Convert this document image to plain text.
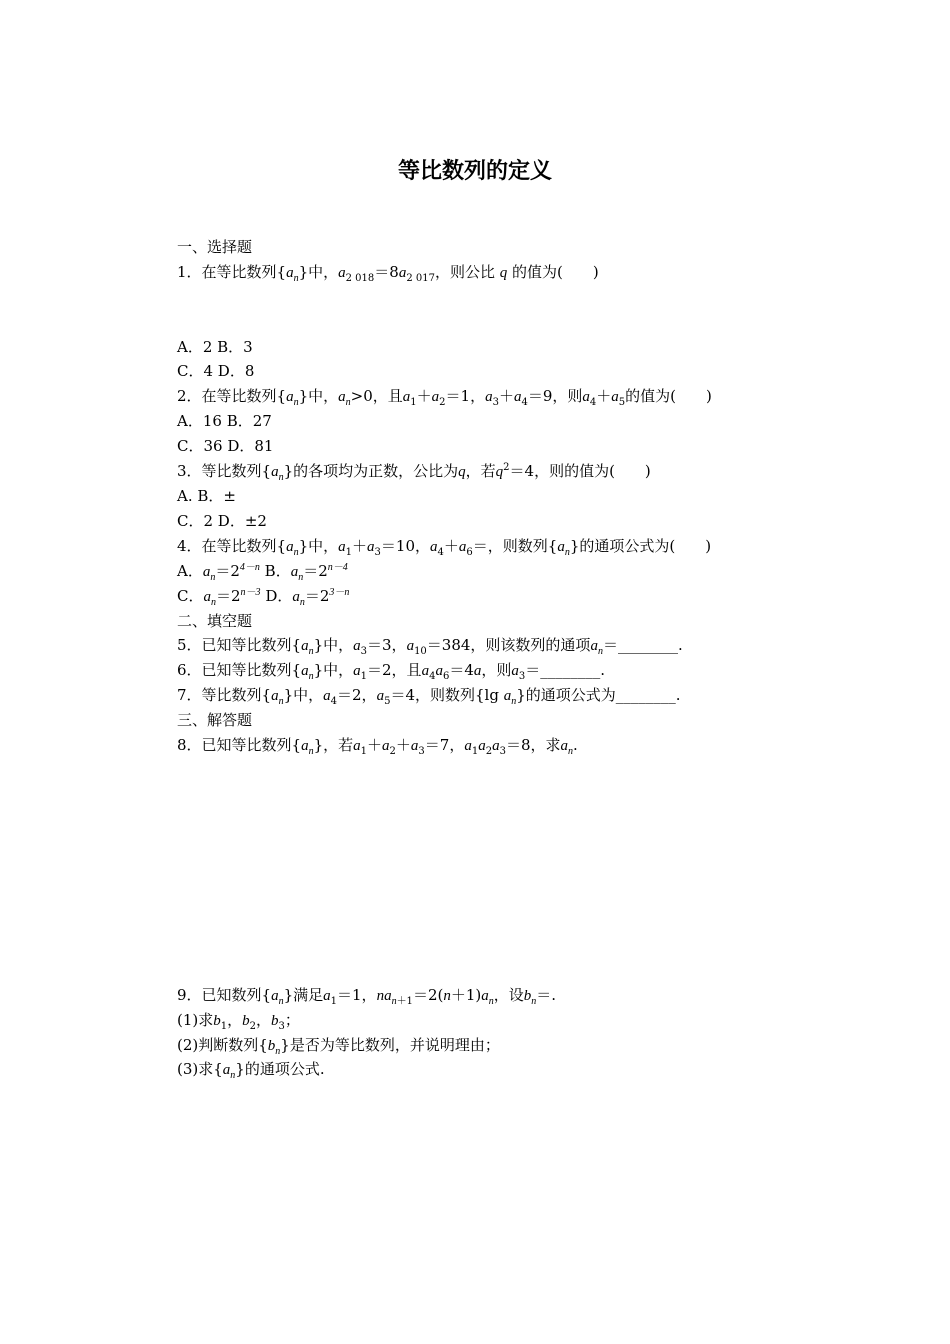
等比数列的定义
一、选择题
1．在等比数列$\{a_n\}$中，$a_{2 018}=8a_{2 017}$，则公比 q 的值为(　　)
A．2 B．3
C．4 D．8
2．在等比数列$\{a_n\}$中，$a_n>0$，且$a_1+a_2=1$，$a_3+a_4=9$，则$a_4+a_5$的值为(　　)
A．16 B．27
C．36 D．81
3．等比数列$\{a_n\}$的各项均为正数，公比为q，若$q^2=4$，则的值为(　　)
A. B．±
C．2 D．±2
4．在等比数列$\{a_n\}$中，$a_1+a_3=10$，$a_4+a_6=$，则数列$\{a_n\}$的通项公式为(　　)
A．$a_n=2^{4-n}$ B．$a_n=2^{n-4}$
C．$a_n=2^{n-3}$ D．$a_n=2^{3-n}$
二、填空题
5．已知等比数列$\{a_n\}$中，$a_3=3$，$a_{10}=384$，则该数列的通项$a_n=\_\_\_\_\_\_\_\_$.
6．已知等比数列$\{a_n\}$中，$a_1=2$，且$a_4a_6=4a$，则$a_3=\_\_\_\_\_\_\_\_$.
7．等比数列$\{a_n\}$中，$a_4=2$，$a_5=4$，则数列{lg $a_n$}的通项公式为________.
三、解答题
8．已知等比数列$\{a_n\}$，若$a_1+a_2+a_3=7$，$a_1a_2a_3=8$，求$a_n$.
9．已知数列$\{a_n\}$满足$a_1=1$，$na_{n+1}=2(n+1)a_n$，设$b_n=$.
(1)求$b_1$，$b_2$，$b_3$；
(2)判断数列$\{b_n\}$是否为等比数列，并说明理由；
(3)求$\{a_n\}$的通项公式.
